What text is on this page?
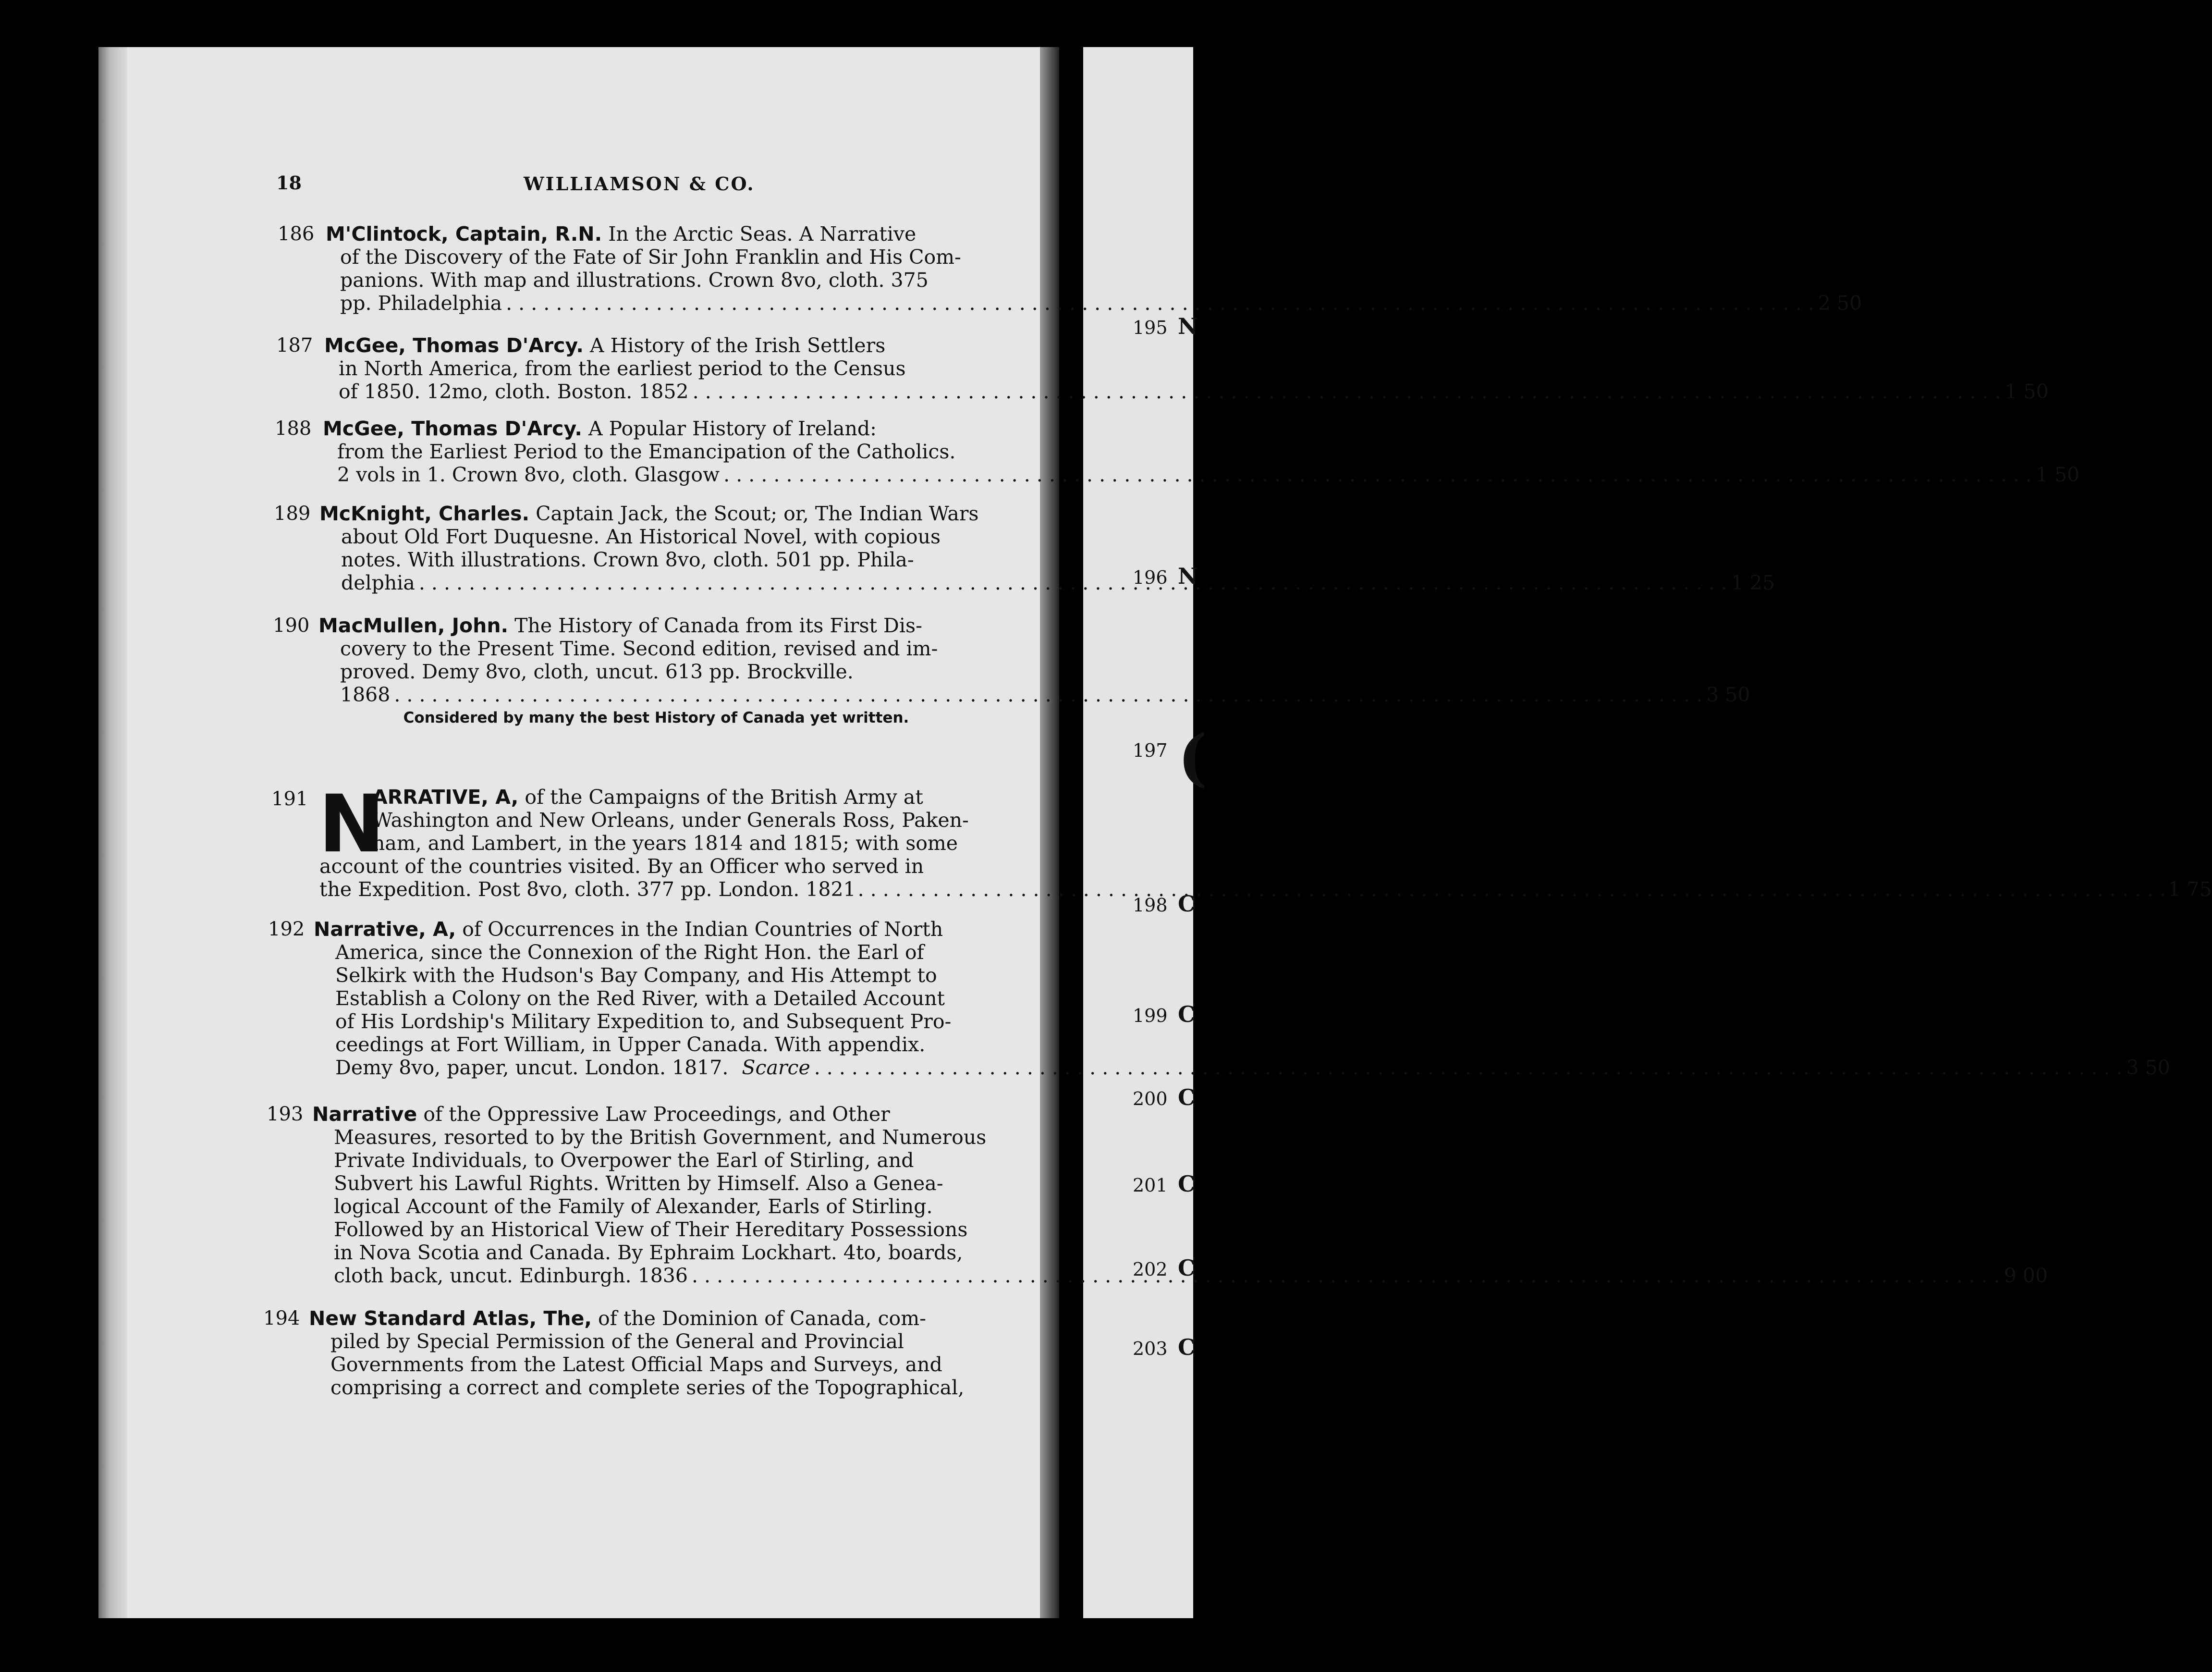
18	WILLIAMSON & CO.
186 M'Clintock, Captain, R.N. In the Arctic Seas. A Narrative
of the Discovery of the Fate of Sir John Franklin and His Com-
panions. With map and illustrations. Crown 8vo, cloth. 375
pp. Philadelphia . . .	2 50
187 McGee, Thomas D'Arcy. A History of the Irish Settlers
in North America, from the earliest period to the Census
of 1850. 12mo, cloth. Boston. 1852 . . .	1 50
188 McGee, Thomas D'Arcy. A Popular History of Ireland:
from the Earliest Period to the Emancipation of the Catholics.
2 vols in 1. Crown 8vo, cloth. Glasgow . . .	1 50
189 McKnight, Charles. Captain Jack, the Scout; or, The Indian Wars
about Old Fort Duquesne. An Historical Novel, with copious
notes. With illustrations. Crown 8vo, cloth. 501 pp. Phila-
delphia . . .	1 25
190 MacMullen, John. The History of Canada from its First Dis-
covery to the Present Time. Second edition, revised and im-
proved. Demy 8vo, cloth, uncut. 613 pp. Brockville.
1868 . . .	3 50
Considered by many the best History of Canada yet written.
191 N
ARRATIVE, A, of the Campaigns of the British Army at
Washington and New Orleans, under Generals Ross, Paken-
ham, and Lambert, in the years 1814 and 1815; with some
account of the countries visited. By an Officer who served in
the Expedition. Post 8vo, cloth. 377 pp. London. 1821 . . .	1 75
192 Narrative, A, of Occurrences in the Indian Countries of North
America, since the Connexion of the Right Hon. the Earl of
Selkirk with the Hudson's Bay Company, and His Attempt to
Establish a Colony on the Red River, with a Detailed Account
of His Lordship's Military Expedition to, and Subsequent Pro-
ceedings at Fort William, in Upper Canada. With appendix.
Demy 8vo, paper, uncut. London. 1817. Scarce . . .	3 50
193 Narrative of the Oppressive Law Proceedings, and Other
Measures, resorted to by the British Government, and Numerous
Private Individuals, to Overpower the Earl of Stirling, and
Subvert his Lawful Rights. Written by Himself. Also a Genea-
logical Account of the Family of Alexander, Earls of Stirling.
Followed by an Historical View of Their Hereditary Possessions
in Nova Scotia and Canada. By Ephraim Lockhart. 4to, boards,
cloth back, uncut. Edinburgh. 1836 . . .	9 00
194 New Standard Atlas, The, of the Dominion of Canada, com-
piled by Special Permission of the General and Provincial
Governments from the Latest Official Maps and Surveys, and
comprising a correct and complete series of the Topographical,
195 N
196 N
197 (
198 C
199 C
200 C
201 C
202 C
203 C
